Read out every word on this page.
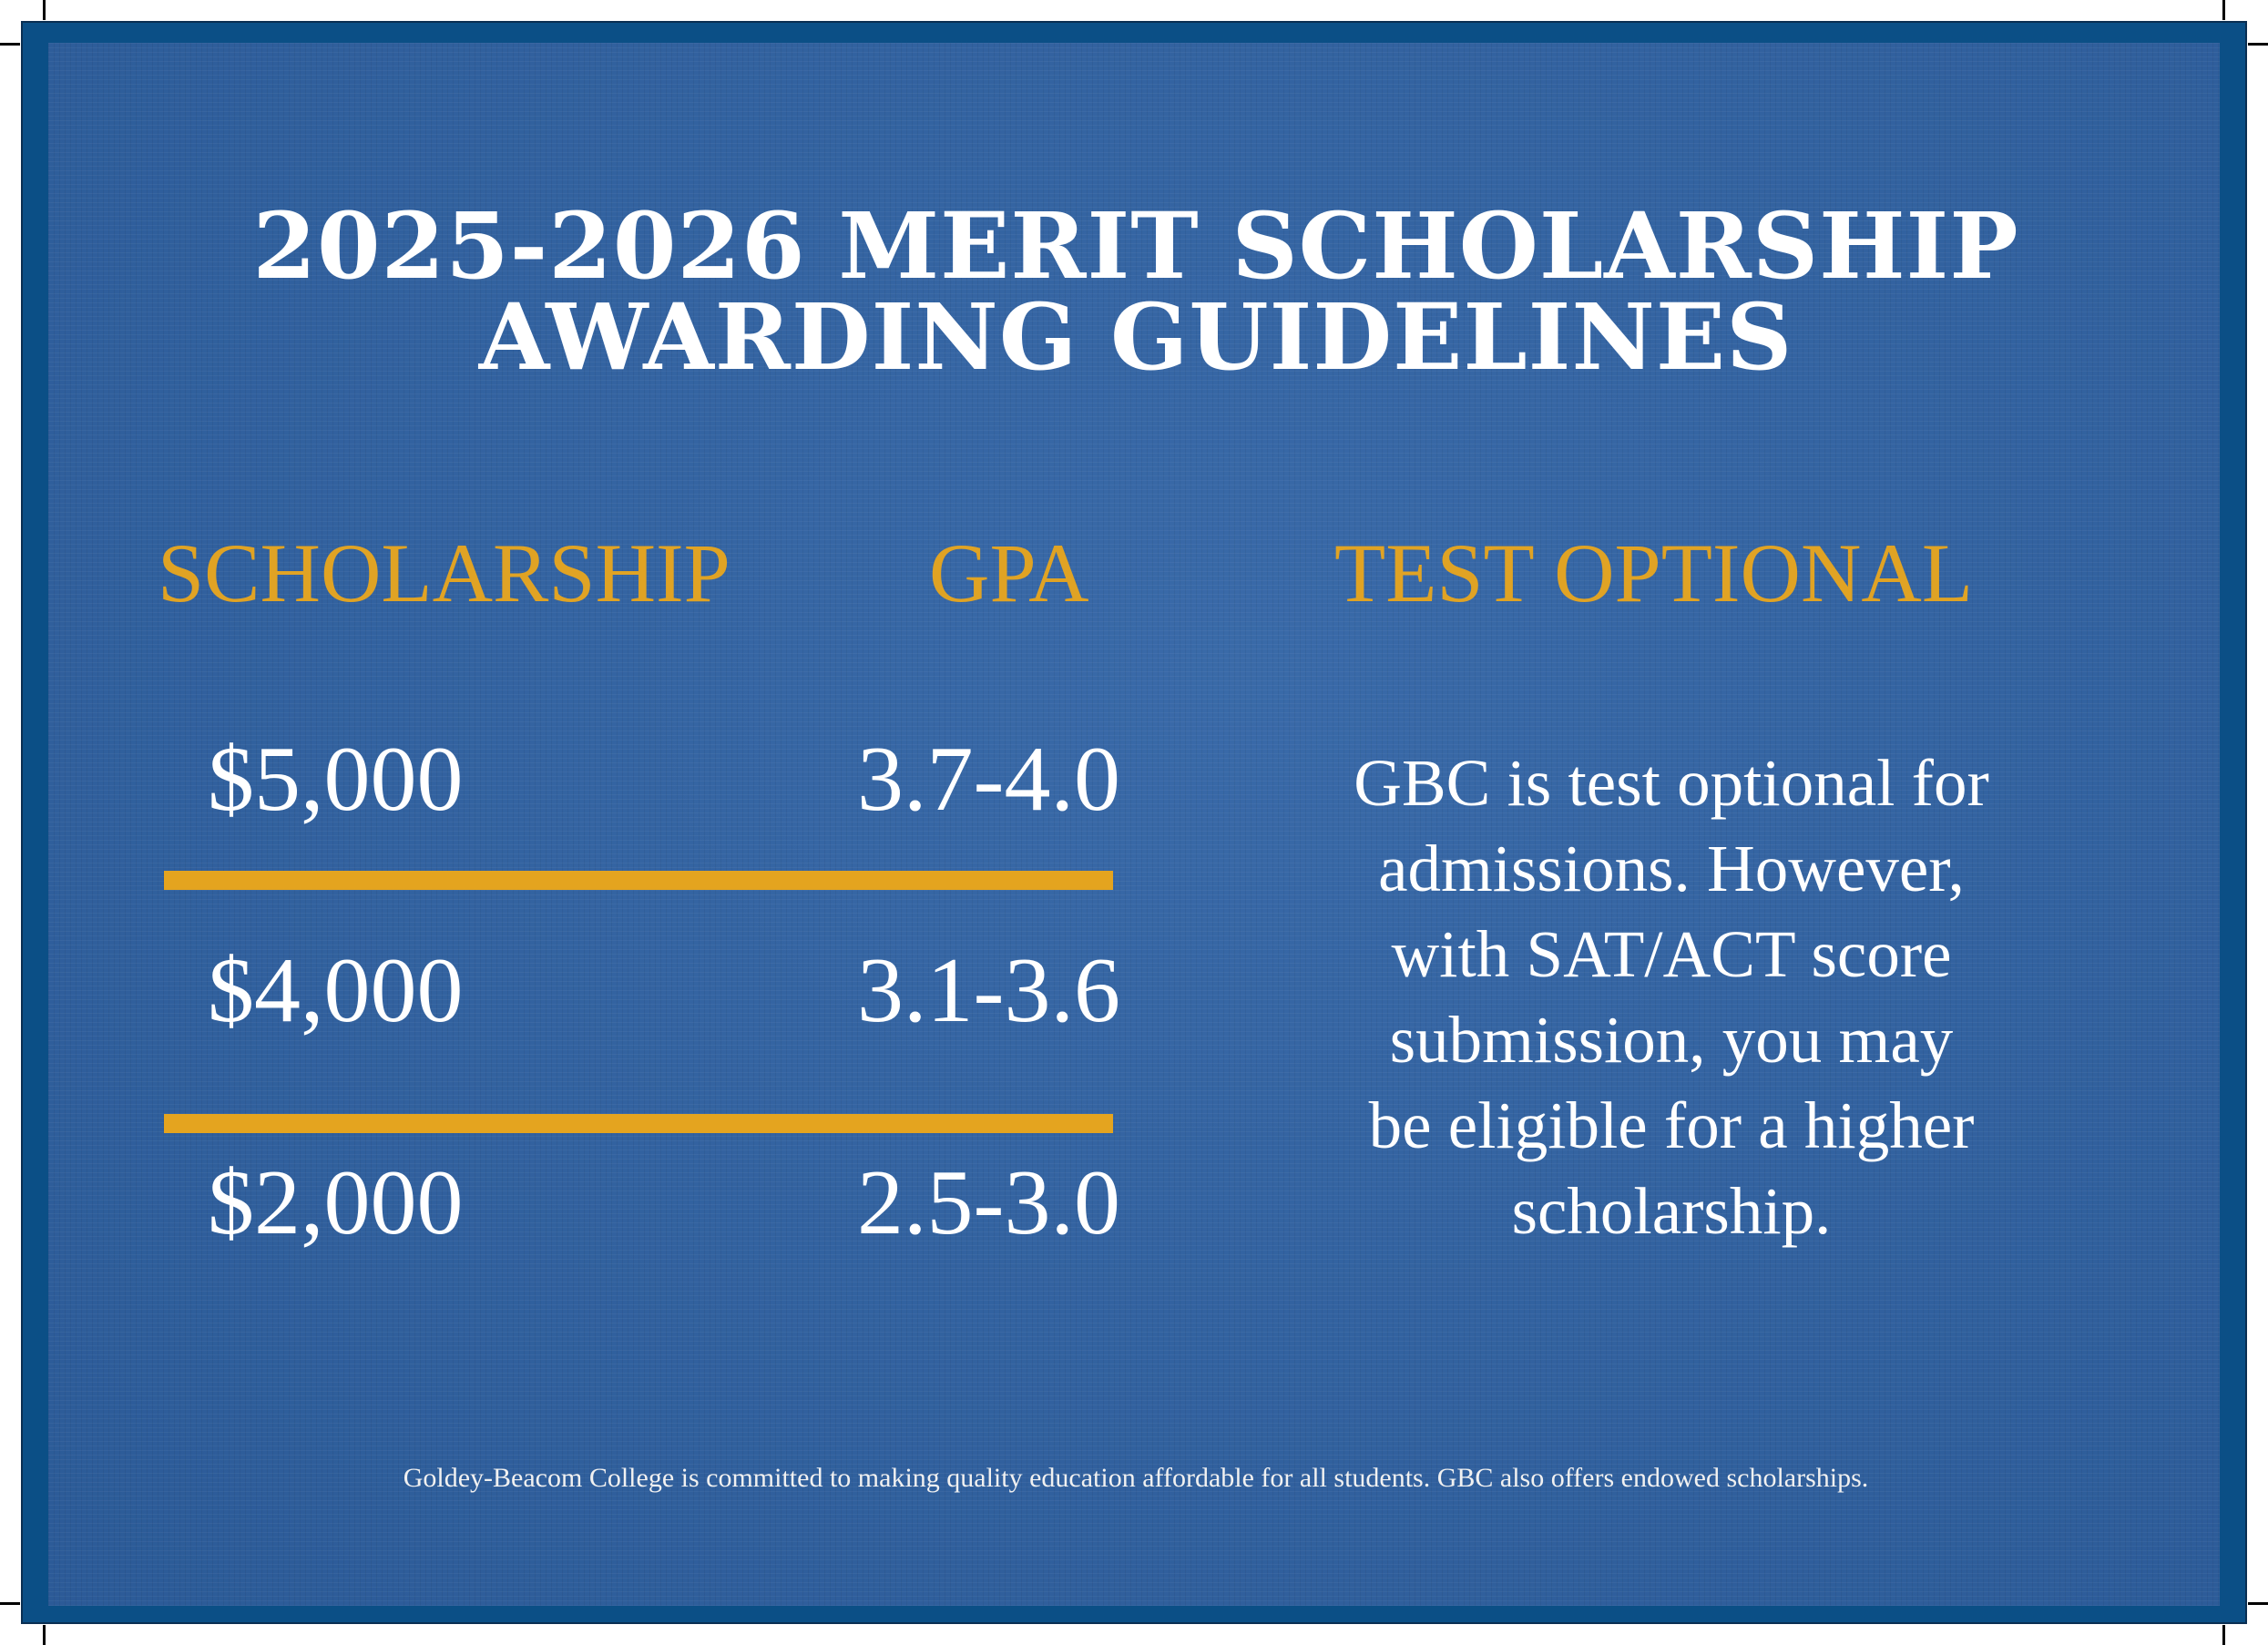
2025-2026 MERIT SCHOLARSHIP
AWARDING GUIDELINES
SCHOLARSHIP GPA	TEST OPTIONAL
$5,000	3.7-4.0
$4,000	3.1-3.6
$2,000	2.5-3.0
GBC is test optional for
admissions. However,
with SAT/ACT score
submission, you may
be eligible for a higher
scholarship.
Goldey-Beacom College is committed to making quality education affordable for all students. GBC also offers endowed scholarships.
